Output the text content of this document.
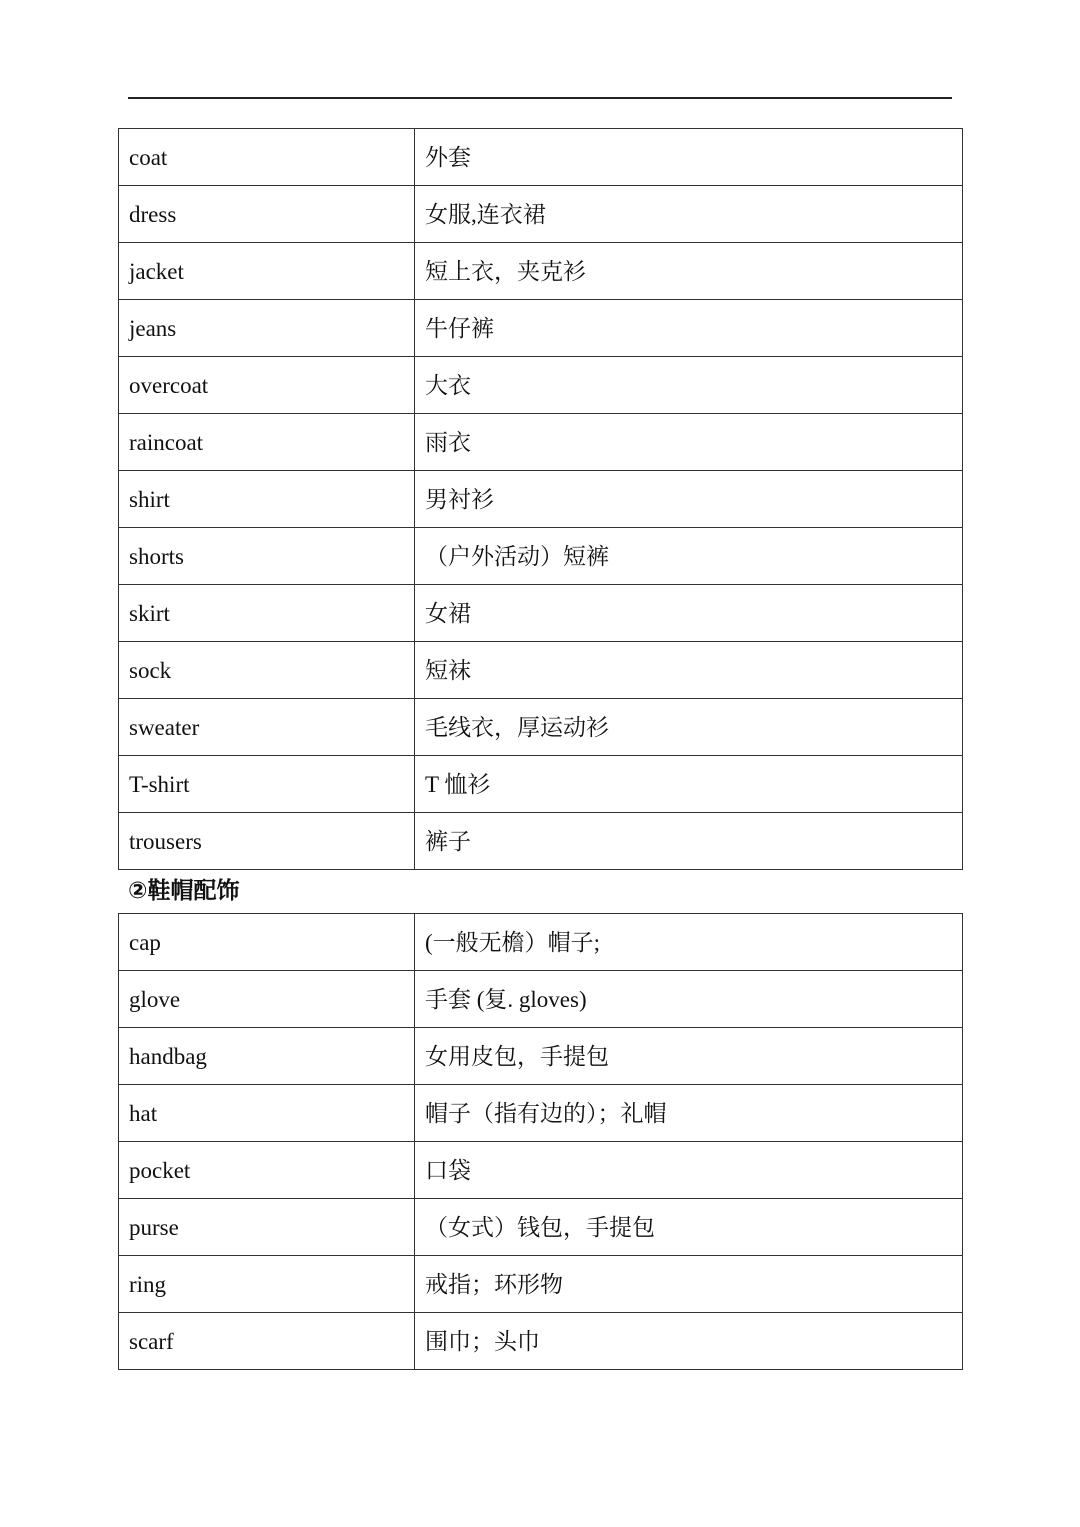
coat	外套
dress	女服,连衣裙
jacket	短上衣，夹克衫
jeans	牛仔裤
overcoat	大衣
raincoat	雨衣
shirt	男衬衫
shorts	（户外活动）短裤
skirt	女裙
sock	短袜
sweater	毛线衣，厚运动衫
T-shirt	T 恤衫
trousers	裤子
②鞋帽配饰
cap	(一般无檐）帽子;
glove	手套 (复. gloves)
handbag	女用皮包，手提包
hat	帽子（指有边的）；礼帽
pocket	口袋
purse	（女式）钱包，手提包
ring	戒指；环形物
scarf	围巾；头巾
